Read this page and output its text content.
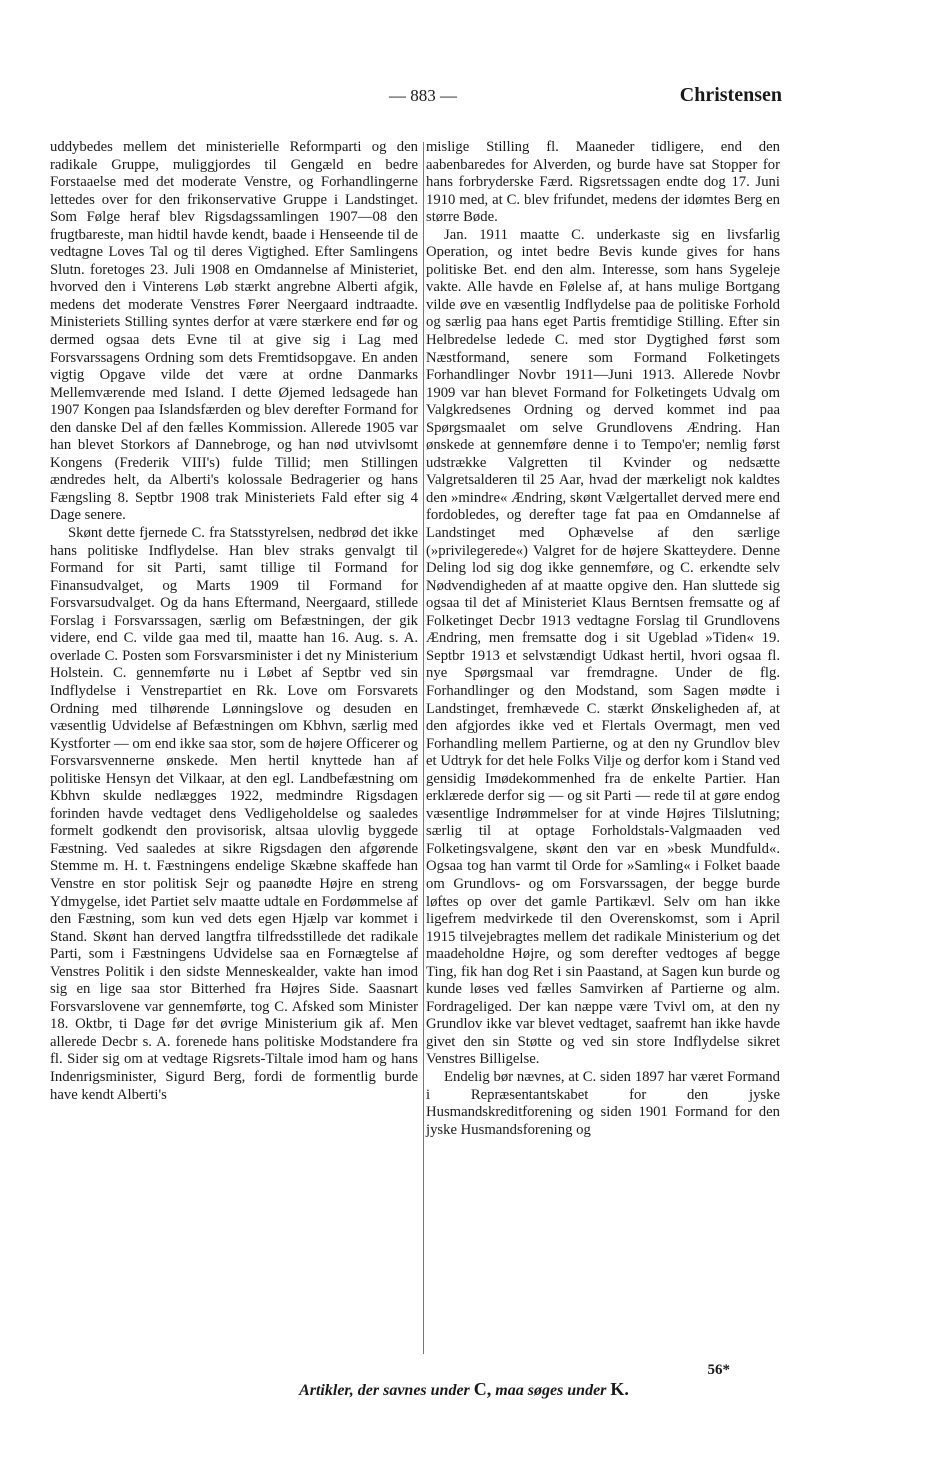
— 883 —	Christensen

uddybedes mellem det ministerielle Reformparti og den radikale Gruppe, muliggjordes til Gengæld en bedre Forstaaelse med det moderate Venstre, og Forhandlingerne lettedes over for den frikonservative Gruppe i Landstinget. Som Følge heraf blev Rigsdagssamlingen 1907—08 den frugtbareste, man hidtil havde kendt, baade i Henseende til de vedtagne Loves Tal og til deres Vigtighed. Efter Samlingens Slutn. foretoges 23. Juli 1908 en Omdannelse af Ministeriet, hvorved den i Vinterens Løb stærkt angrebne Alberti afgik, medens det moderate Venstres Fører Neergaard indtraadte. Ministeriets Stilling syntes derfor at være stærkere end før og dermed ogsaa dets Evne til at give sig i Lag med Forsvarssagens Ordning som dets Fremtidsopgave. En anden vigtig Opgave vilde det være at ordne Danmarks Mellemværende med Island. I dette Øjemed ledsagede han 1907 Kongen paa Islandsfærden og blev derefter Formand for den danske Del af den fælles Kommission. Allerede 1905 var han blevet Storkors af Dannebroge, og han nød utvivlsomt Kongens (Frederik VIII's) fulde Tillid; men Stillingen ændredes helt, da Alberti's kolossale Bedragerier og hans Fængsling 8. Septbr 1908 trak Ministeriets Fald efter sig 4 Dage senere.

Skønt dette fjernede C. fra Statsstyrelsen, nedbrød det ikke hans politiske Indflydelse. Han blev straks genvalgt til Formand for sit Parti, samt tillige til Formand for Finansudvalget, og Marts 1909 til Formand for Forsvarsudvalget. Og da hans Eftermand, Neergaard, stillede Forslag i Forsvarssagen, særlig om Befæstningen, der gik videre, end C. vilde gaa med til, maatte han 16. Aug. s. A. overlade C. Posten som Forsvarsminister i det ny Ministerium Holstein. C. gennemførte nu i Løbet af Septbr ved sin Indflydelse i Venstrepartiet en Rk. Love om Forsvarets Ordning med tilhørende Lønningslove og desuden en væsentlig Udvidelse af Befæstningen om Kbhvn, særlig med Kystforter — om end ikke saa stor, som de højere Officerer og Forsvarsvennerne ønskede. Men hertil knyttede han af politiske Hensyn det Vilkaar, at den egl. Landbefæstning om Kbhvn skulde nedlægges 1922, medmindre Rigsdagen forinden havde vedtaget dens Vedligeholdelse og saaledes formelt godkendt den provisorisk, altsaa ulovlig byggede Fæstning. Ved saaledes at sikre Rigsdagen den afgørende Stemme m. H. t. Fæstningens endelige Skæbne skaffede han Venstre en stor politisk Sejr og paanødte Højre en streng Ydmygelse, idet Partiet selv maatte udtale en Fordømmelse af den Fæstning, som kun ved dets egen Hjælp var kommet i Stand. Skønt han derved langtfra tilfredsstillede det radikale Parti, som i Fæstningens Udvidelse saa en Fornægtelse af Venstres Politik i den sidste Menneskealder, vakte han imod sig en lige saa stor Bitterhed fra Højres Side. Saasnart Forsvarslovene var gennemførte, tog C. Afsked som Minister 18. Oktbr, ti Dage før det øvrige Ministerium gik af. Men allerede Decbr s. A. forenede hans politiske Modstandere fra fl. Sider sig om at vedtage Rigsrets-Tiltale imod ham og hans Indenrigsminister, Sigurd Berg, fordi de formentlig burde have kendt Alberti's

mislige Stilling fl. Maaneder tidligere, end den aabenbaredes for Alverden, og burde have sat Stopper for hans forbryderske Færd. Rigsretssagen endte dog 17. Juni 1910 med, at C. blev frifundet, medens der idømtes Berg en større Bøde.

Jan. 1911 maatte C. underkaste sig en livsfarlig Operation, og intet bedre Bevis kunde gives for hans politiske Bet. end den alm. Interesse, som hans Sygeleje vakte. Alle havde en Følelse af, at hans mulige Bortgang vilde øve en væsentlig Indflydelse paa de politiske Forhold og særlig paa hans eget Partis fremtidige Stilling. Efter sin Helbredelse ledede C. med stor Dygtighed først som Næstformand, senere som Formand Folketingets Forhandlinger Novbr 1911—Juni 1913. Allerede Novbr 1909 var han blevet Formand for Folketingets Udvalg om Valgkredsenes Ordning og derved kommet ind paa Spørgsmaalet om selve Grundlovens Ændring. Han ønskede at gennemføre denne i to Tempo'er; nemlig først udstrække Valgretten til Kvinder og nedsætte Valgretsalderen til 25 Aar, hvad der mærkeligt nok kaldtes den »mindre« Ændring, skønt Vælgertallet derved mere end fordobledes, og derefter tage fat paa en Omdannelse af Landstinget med Ophævelse af den særlige (»privilegerede«) Valgret for de højere Skatteydere. Denne Deling lod sig dog ikke gennemføre, og C. erkendte selv Nødvendigheden af at maatte opgive den. Han sluttede sig ogsaa til det af Ministeriet Klaus Berntsen fremsatte og af Folketinget Decbr 1913 vedtagne Forslag til Grundlovens Ændring, men fremsatte dog i sit Ugeblad »Tiden« 19. Septbr 1913 et selvstændigt Udkast hertil, hvori ogsaa fl. nye Spørgsmaal var fremdragne. Under de flg. Forhandlinger og den Modstand, som Sagen mødte i Landstinget, fremhævede C. stærkt Ønskeligheden af, at den afgjordes ikke ved et Flertals Overmagt, men ved Forhandling mellem Partierne, og at den ny Grundlov blev et Udtryk for det hele Folks Vilje og derfor kom i Stand ved gensidig Imødekommenhed fra de enkelte Partier. Han erklærede derfor sig — og sit Parti — rede til at gøre endog væsentlige Indrømmelser for at vinde Højres Tilslutning; særlig til at optage Forholdstals-Valgmaaden ved Folketingsvalgene, skønt den var en »besk Mundfuld«. Ogsaa tog han varmt til Orde for »Samling« i Folket baade om Grundlovs- og om Forsvarssagen, der begge burde løftes op over det gamle Partikævl. Selv om han ikke ligefrem medvirkede til den Overenskomst, som i April 1915 tilvejebragtes mellem det radikale Ministerium og det maadeholdne Højre, og som derefter vedtoges af begge Ting, fik han dog Ret i sin Paastand, at Sagen kun burde og kunde løses ved fælles Samvirken af Partierne og alm. Fordrageliged. Der kan næppe være Tvivl om, at den ny Grundlov ikke var blevet vedtaget, saafremt han ikke havde givet den sin Støtte og ved sin store Indflydelse sikret Venstres Billigelse.

Endelig bør nævnes, at C. siden 1897 har været Formand i Repræsentantskabet for den jyske Husmandskreditforening og siden 1901 Formand for den jyske Husmandsforening og

56*
Artikler, der savnes under C, maa søges under K.
